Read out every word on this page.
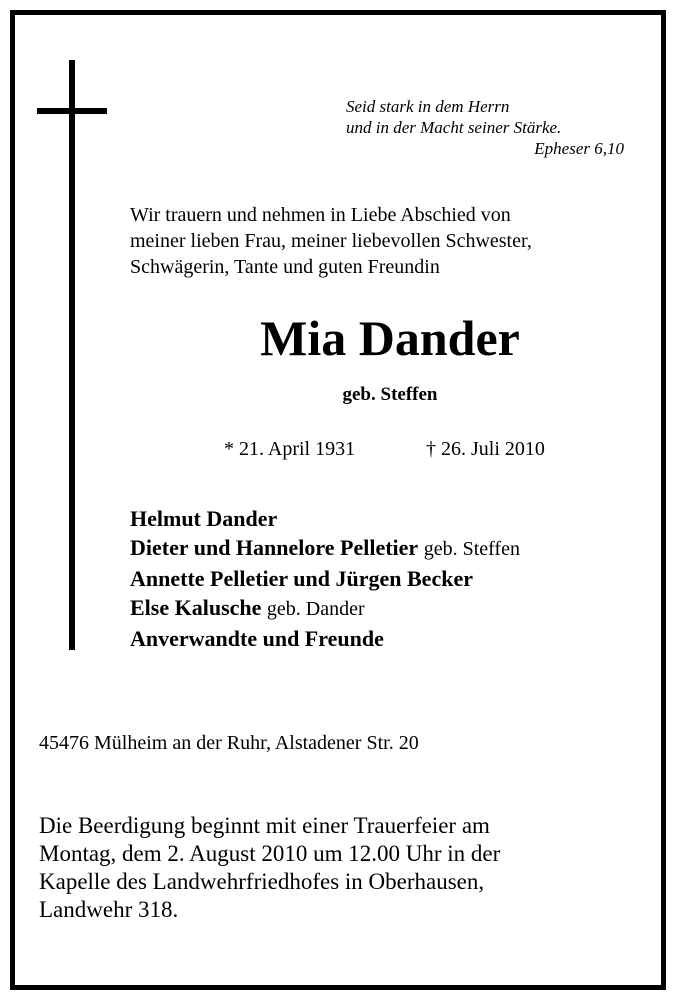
Seid stark in dem Herrn
und in der Macht seiner Stärke.

Epheser 6,10
Wir trauern und nehmen in Liebe Abschied von
meiner lieben Frau, meiner liebevollen Schwester,
Schwägerin, Tante und guten Freundin
Mia Dander
geb. Steffen
* 21. April 1931	† 26. Juli 2010
Helmut Dander
Dieter und Hannelore Pelletier geb. Steffen
Annette Pelletier und Jürgen Becker
Else Kalusche geb. Dander
Anverwandte und Freunde
45476 Mülheim an der Ruhr, Alstadener Str. 20
Die Beerdigung beginnt mit einer Trauerfeier am
Montag, dem 2. August 2010 um 12.00 Uhr in der
Kapelle des Landwehrfriedhofes in Oberhausen,
Landwehr 318.
